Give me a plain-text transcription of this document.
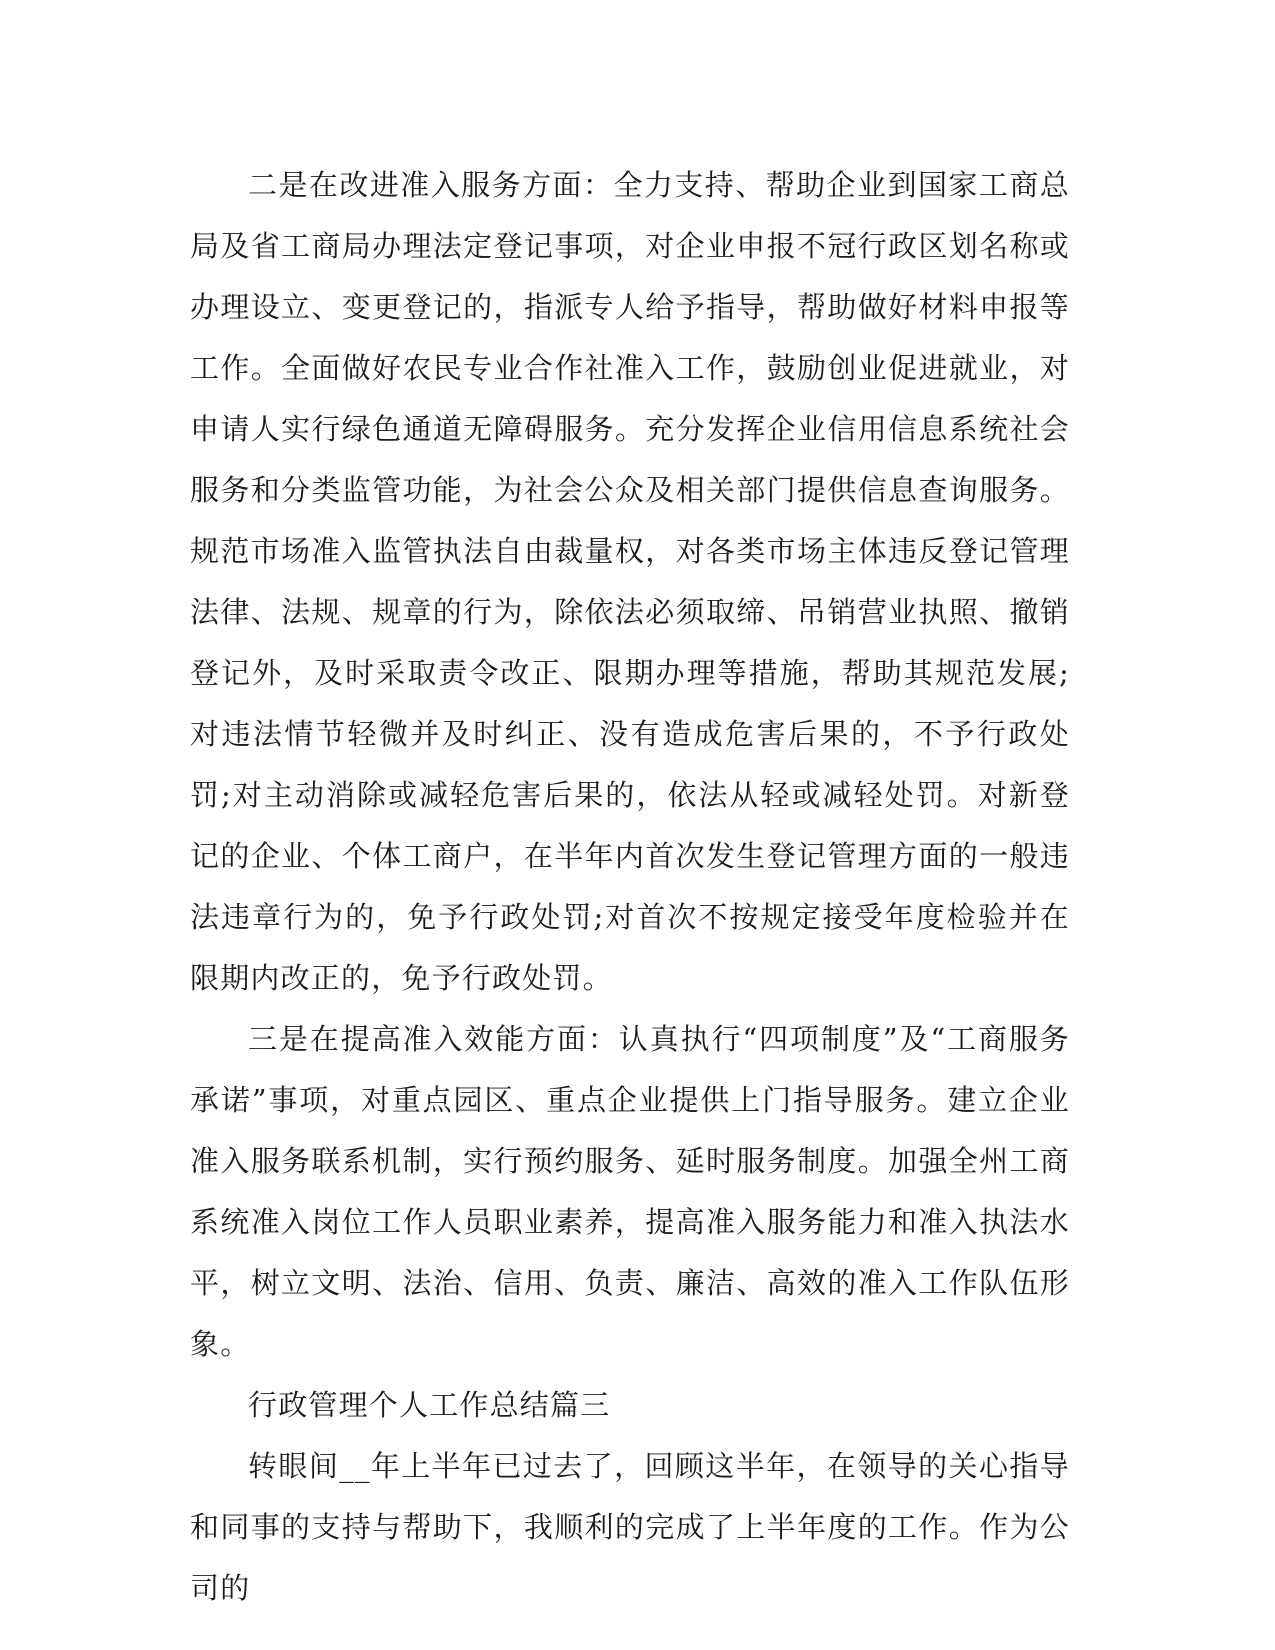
二是在改进准入服务方面：全力支持、帮助企业到国家工商总局及省工商局办理法定登记事项，对企业申报不冠行政区划名称或办理设立、变更登记的，指派专人给予指导，帮助做好材料申报等工作。全面做好农民专业合作社准入工作，鼓励创业促进就业，对申请人实行绿色通道无障碍服务。充分发挥企业信用信息系统社会服务和分类监管功能，为社会公众及相关部门提供信息查询服务。规范市场准入监管执法自由裁量权，对各类市场主体违反登记管理法律、法规、规章的行为，除依法必须取缔、吊销营业执照、撤销登记外，及时采取责令改正、限期办理等措施，帮助其规范发展;对违法情节轻微并及时纠正、没有造成危害后果的，不予行政处罚;对主动消除或减轻危害后果的，依法从轻或减轻处罚。对新登记的企业、个体工商户，在半年内首次发生登记管理方面的一般违法违章行为的，免予行政处罚;对首次不按规定接受年度检验并在限期内改正的，免予行政处罚。

三是在提高准入效能方面：认真执行“四项制度”及“工商服务承诺”事项，对重点园区、重点企业提供上门指导服务。建立企业准入服务联系机制，实行预约服务、延时服务制度。加强全州工商系统准入岗位工作人员职业素养，提高准入服务能力和准入执法水平，树立文明、法治、信用、负责、廉洁、高效的准入工作队伍形象。

行政管理个人工作总结篇三

转眼间__年上半年已过去了，回顾这半年，在领导的关心指导和同事的支持与帮助下，我顺利的完成了上半年度的工作。作为公司的
